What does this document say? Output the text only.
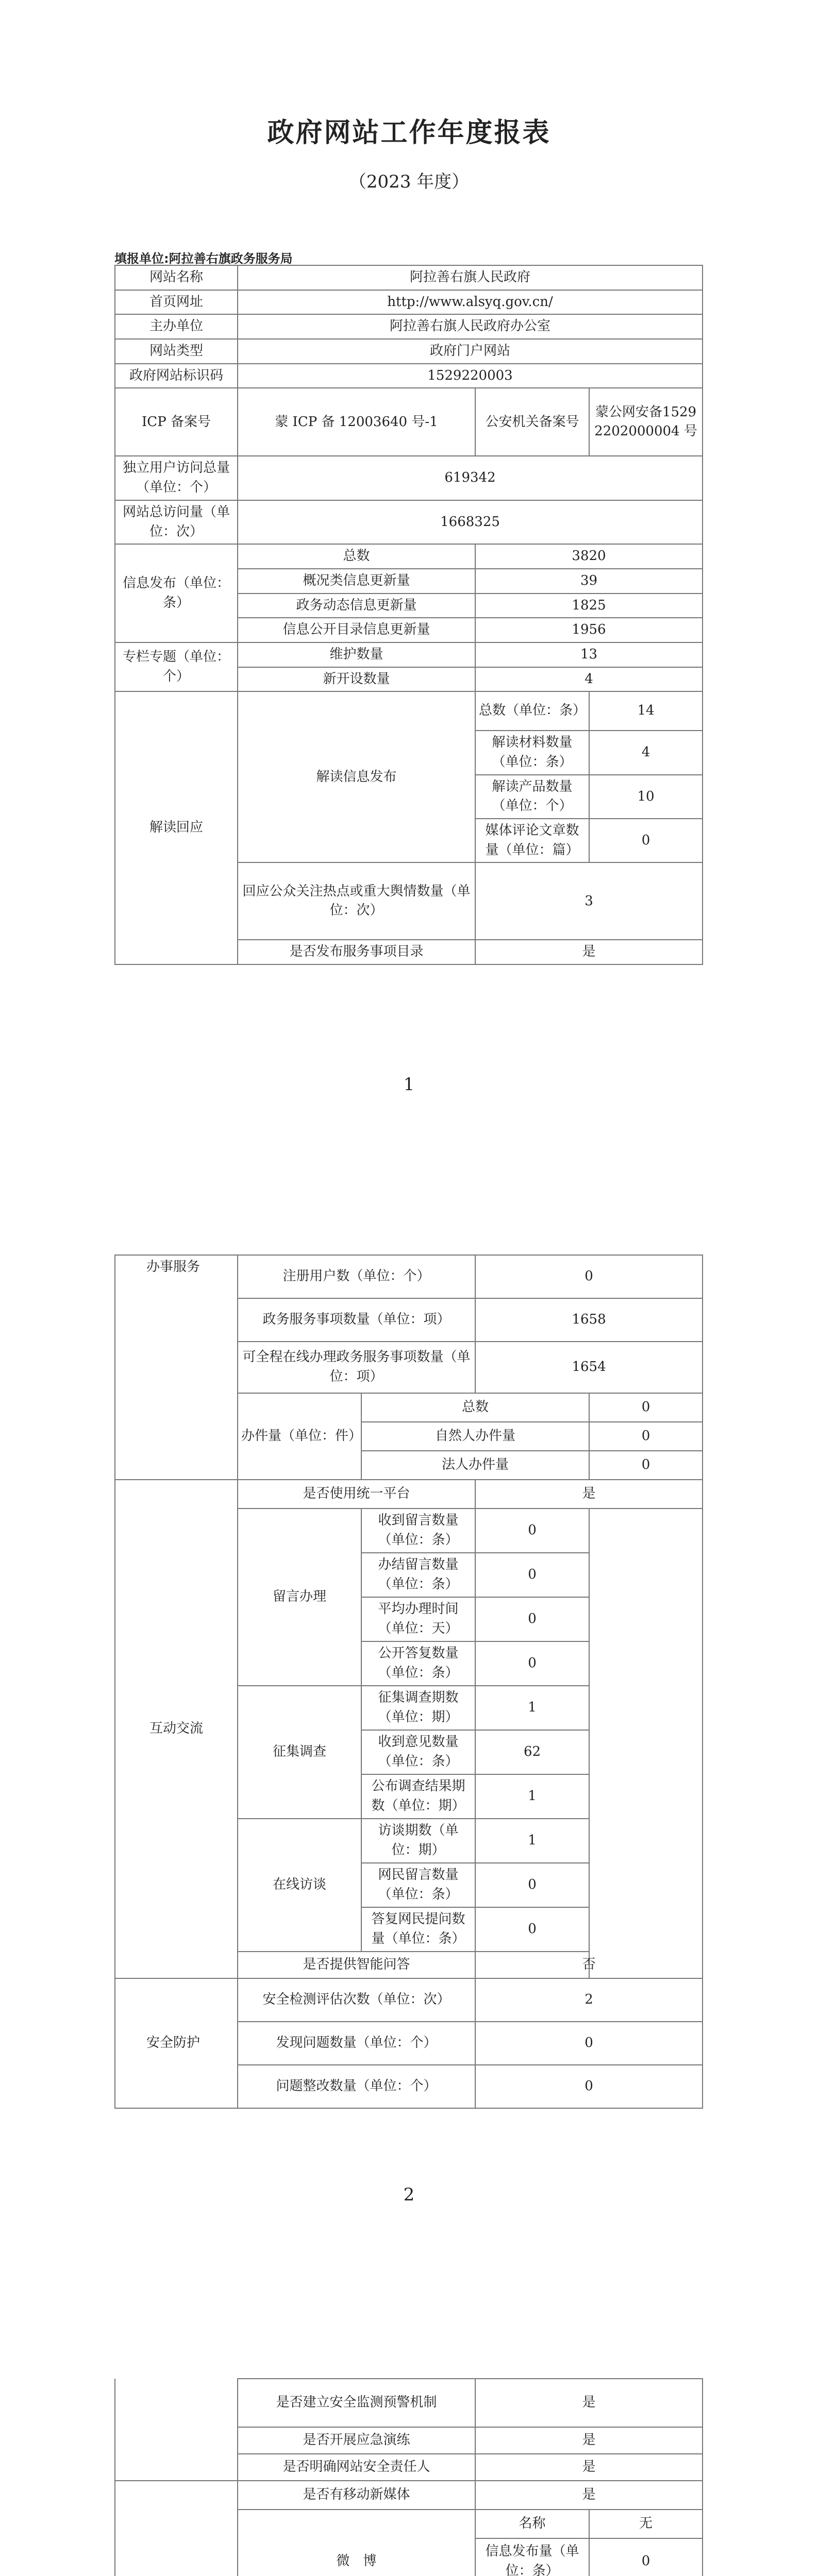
政府网站工作年度报表
（2023 年度）
填报单位:阿拉善右旗政务服务局
网站名称	阿拉善右旗人民政府		
首页网址	http://www.alsyq.gov.cn/		
主办单位	阿拉善右旗人民政府办公室		
网站类型	政府门户网站		
政府网站标识码	1529220003		
ICP 备案号	蒙 ICP 备 12003640 号-1	公安机关备案号	蒙公网安备15292202000004 号
独立用户访问总量（单位：个）	619342		
网站总访问量（单位：次）	1668325		
信息发布（单位：条）	总数	3820	
	概况类信息更新量	39	
	政务动态信息更新量	1825	
	信息公开目录信息更新量	1956	
专栏专题（单位：个）	维护数量	13	
	新开设数量	4	
解读回应	解读信息发布	总数（单位：条）	14
		解读材料数量（单位：条）	4
		解读产品数量（单位：个）	10
		媒体评论文章数量（单位：篇）	0
	回应公众关注热点或重大舆情数量（单位：次）	3	
	是否发布服务事项目录	是	
1
办事服务	注册用户数（单位：个）		0	
	政务服务事项数量（单位：项）		1658	
	可全程在线办理政务服务事项数量（单位：项）		1654	
	办件量（单位：件）	总数		0
		自然人办件量		0
		法人办件量		0
互动交流	是否使用统一平台		是	
	留言办理	收到留言数量（单位：条）	0	
		办结留言数量（单位：条）	0	
		平均办理时间（单位：天）	0	
		公开答复数量（单位：条）	0	
	征集调查	征集调查期数（单位：期）	1	
		收到意见数量（单位：条）	62	
		公布调查结果期数（单位：期）	1	
	在线访谈	访谈期数（单位：期）	1	
		网民留言数量（单位：条）	0	
		答复网民提问数量（单位：条）	0	
	是否提供智能问答		否	
安全防护	安全检测评估次数（单位：次）		2	
	发现问题数量（单位：个）		0	
	问题整改数量（单位：个）		0	
2
	是否建立安全监测预警机制	是	
	是否开展应急演练	是	
	是否明确网站安全责任人	是	
	是否有移动新媒体	是	
	微　博	名称	无
		信息发布量（单位：条）	0
